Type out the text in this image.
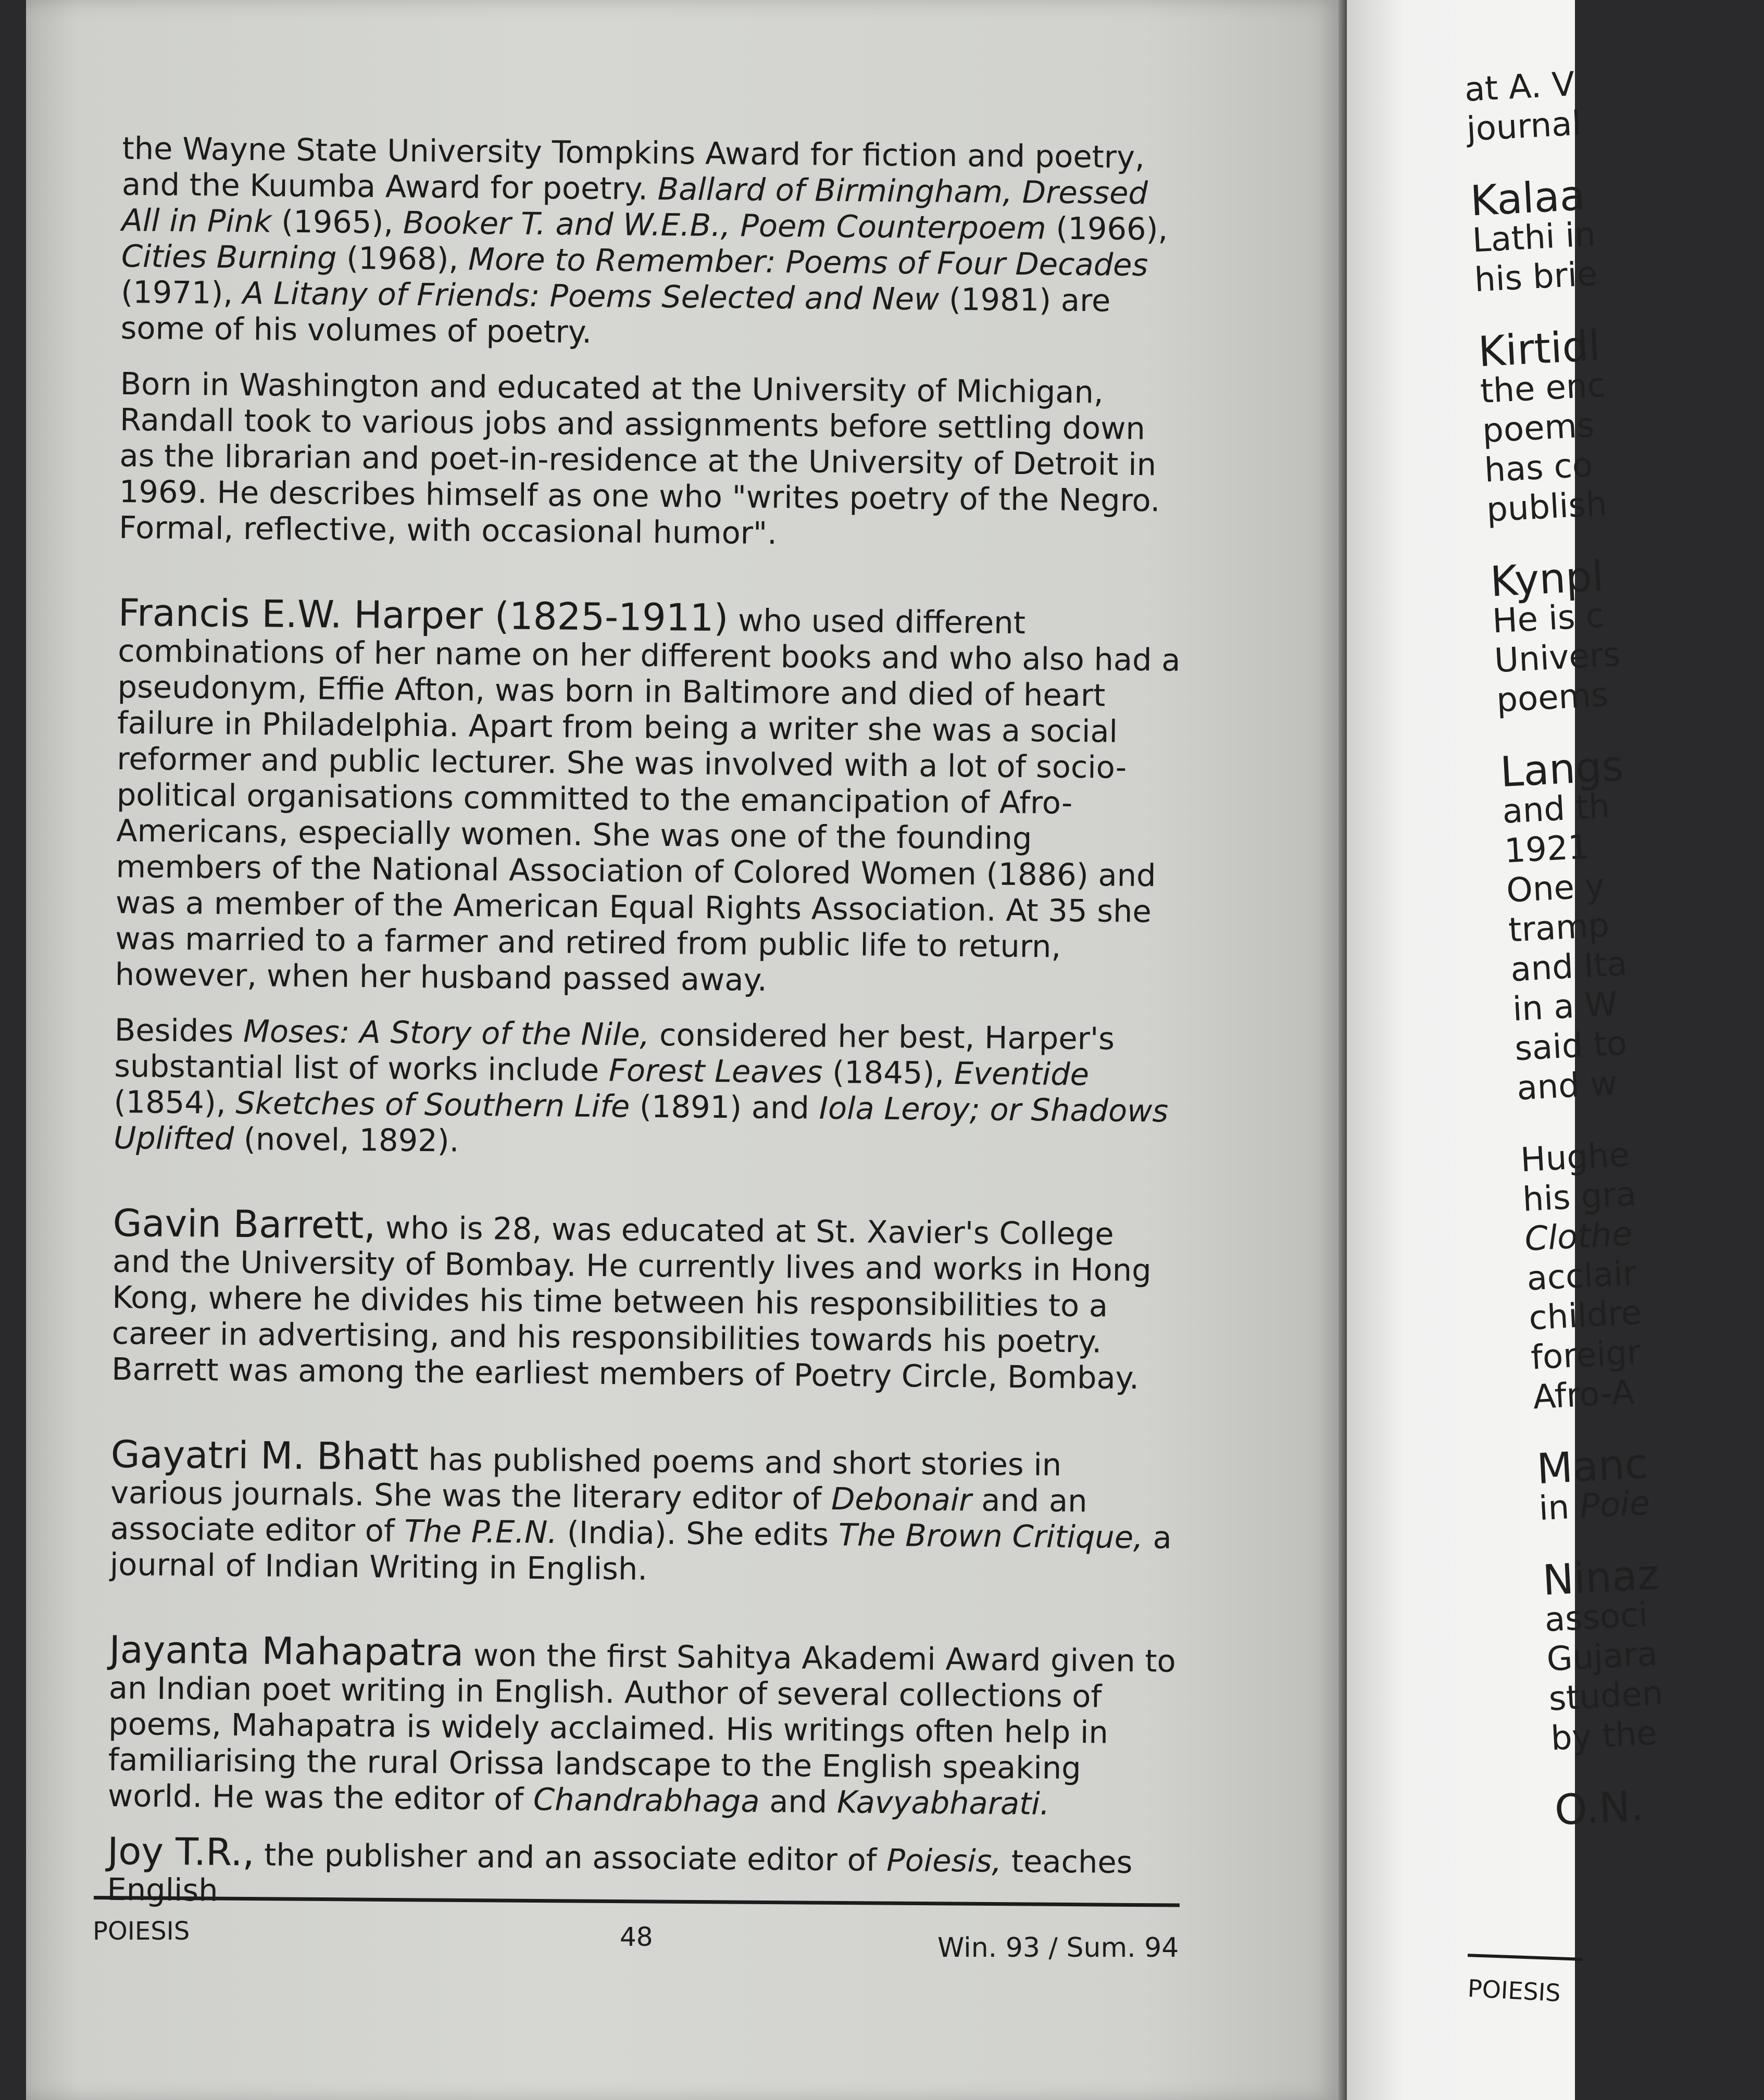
the Wayne State University Tompkins Award for fiction and poetry, and the Kuumba Award for poetry. Ballard of Birmingham, Dressed All in Pink (1965), Booker T. and W.E.B., Poem Counterpoem (1966), Cities Burning (1968), More to Remember: Poems of Four Decades (1971), A Litany of Friends: Poems Selected and New (1981) are some of his volumes of poetry.

Born in Washington and educated at the University of Michigan, Randall took to various jobs and assignments before settling down as the librarian and poet-in-residence at the University of Detroit in 1969. He describes himself as one who "writes poetry of the Negro. Formal, reflective, with occasional humor".

Francis E.W. Harper (1825-1911) who used different combinations of her name on her different books and who also had a pseudonym, Effie Afton, was born in Baltimore and died of heart failure in Philadelphia. Apart from being a writer she was a social reformer and public lecturer. She was involved with a lot of socio-political organisations committed to the emancipation of Afro-Americans, especially women. She was one of the founding members of the National Association of Colored Women (1886) and was a member of the American Equal Rights Association. At 35 she was married to a farmer and retired from public life to return, however, when her husband passed away.

Besides Moses: A Story of the Nile, considered her best, Harper's substantial list of works include Forest Leaves (1845), Eventide (1854), Sketches of Southern Life (1891) and Iola Leroy; or Shadows Uplifted (novel, 1892).

Gavin Barrett, who is 28, was educated at St. Xavier's College and the University of Bombay. He currently lives and works in Hong Kong, where he divides his time between his responsibilities to a career in advertising, and his responsibilities towards his poetry. Barrett was among the earliest members of Poetry Circle, Bombay.

Gayatri M. Bhatt has published poems and short stories in various journals. She was the literary editor of Debonair and an associate editor of The P.E.N. (India). She edits The Brown Critique, a journal of Indian Writing in English.

Jayanta Mahapatra won the first Sahitya Akademi Award given to an Indian poet writing in English. Author of several collections of poems, Mahapatra is widely acclaimed. His writings often help in familiarising the rural Orissa landscape to the English speaking world. He was the editor of Chandrabhaga and Kavyabharati.

Joy T.R., the publisher and an associate editor of Poiesis, teaches English

POIESIS	48	Win. 93 / Sum. 94
at A. V
journal
Kalaa
Lathi in
his brie
Kirtidl
the enc
poems
has co
publish
Kynpl
He is c
Univers
poems
Langs
and th
1921
One y
tramp
and Ita
in a W
said to
and w
Hughe
his gra
Clothe
acclair
childre
foreigr
Afro-A
Manc
in Poie
Ninaz
associ
Gujara
studen
by the
O.N.
POIESIS
